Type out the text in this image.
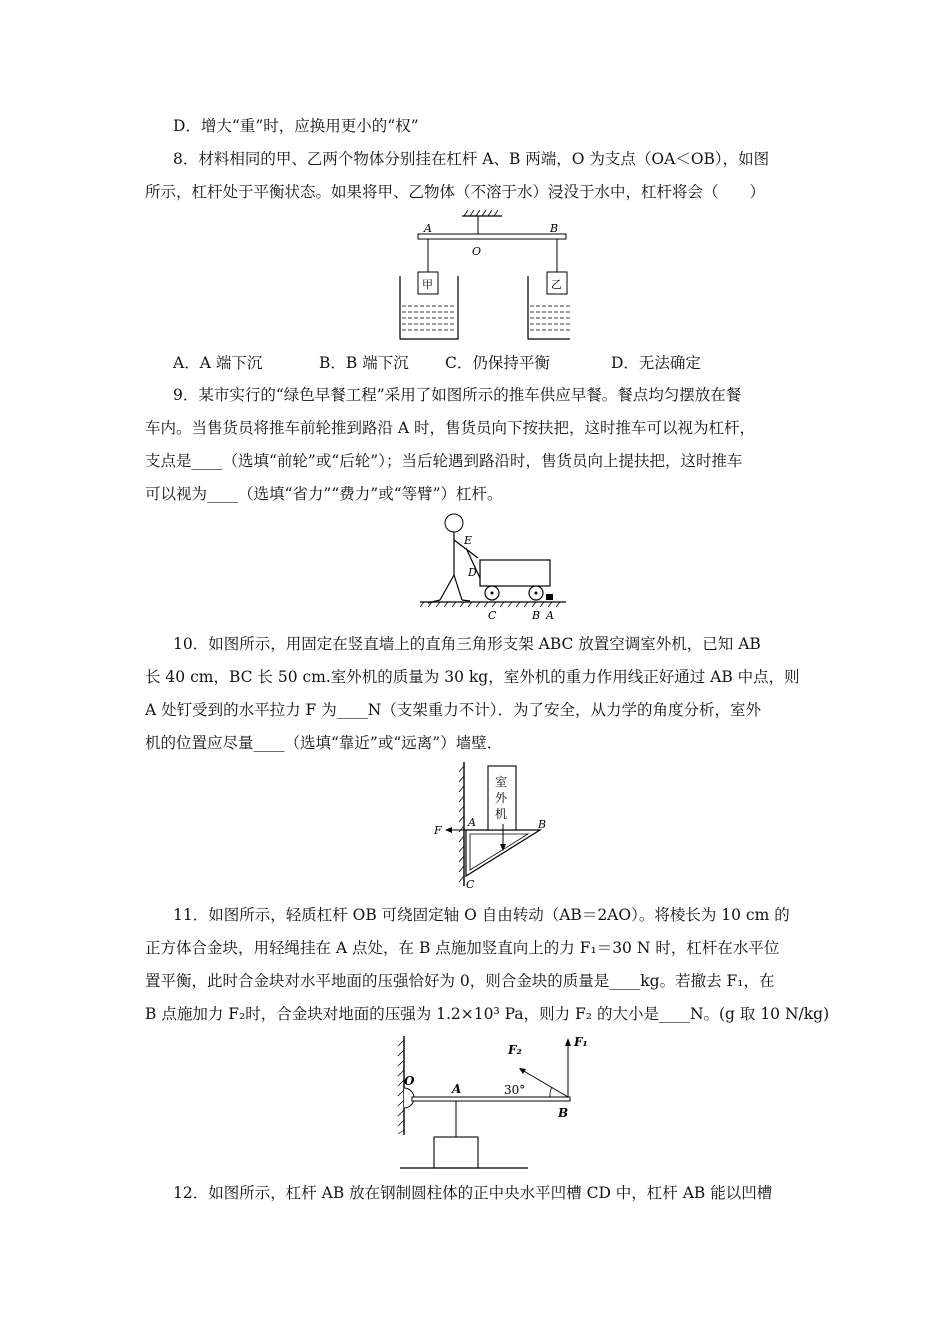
D．增大“重”时，应换用更小的“权”
8．材料相同的甲、乙两个物体分别挂在杠杆 A、B 两端，O 为支点（OA＜OB），如图
所示，杠杆处于平衡状态。如果将甲、乙物体（不溶于水）浸没于水中，杠杆将会（　　）
A	B
O
甲	乙
A．A 端下沉	B．B 端下沉 C．仍保持平衡	D．无法确定
9．某市实行的“绿色早餐工程”采用了如图所示的推车供应早餐。餐点均匀摆放在餐
车内。当售货员将推车前轮推到路沿 A 时，售货员向下按扶把，这时推车可以视为杠杆，
支点是____（选填“前轮”或“后轮”）；当后轮遇到路沿时，售货员向上提扶把，这时推车
可以视为____（选填“省力”“费力”或“等臂”）杠杆。
E
D
C	B A
10．如图所示，用固定在竖直墙上的直角三角形支架 ABC 放置空调室外机，已知 AB
长 40 cm，BC 长 50 cm.室外机的质量为 30 kg，室外机的重力作用线正好通过 AB 中点，则
A 处钉受到的水平拉力 F 为____N（支架重力不计）．为了安全，从力学的角度分析，室外
机的位置应尽量____（选填“靠近”或“远离”）墙壁．
室
外
机
F
A	B
C
11．如图所示，轻质杠杆 OB 可绕固定轴 O 自由转动（AB＝2AO）。将棱长为 10 cm 的
正方体合金块，用轻绳挂在 A 点处，在 B 点施加竖直向上的力 F₁＝30 N 时，杠杆在水平位
置平衡，此时合金块对水平地面的压强恰好为 0，则合金块的质量是____kg。若撤去 F₁，在
B 点施加力 F₂时，合金块对地面的压强为 1.2×10³ Pa，则力 F₂ 的大小是____N。(g 取 10 N/kg)
O
A
B
F₁
F₂
30°
12．如图所示，杠杆 AB 放在钢制圆柱体的正中央水平凹槽 CD 中，杠杆 AB 能以凹槽
